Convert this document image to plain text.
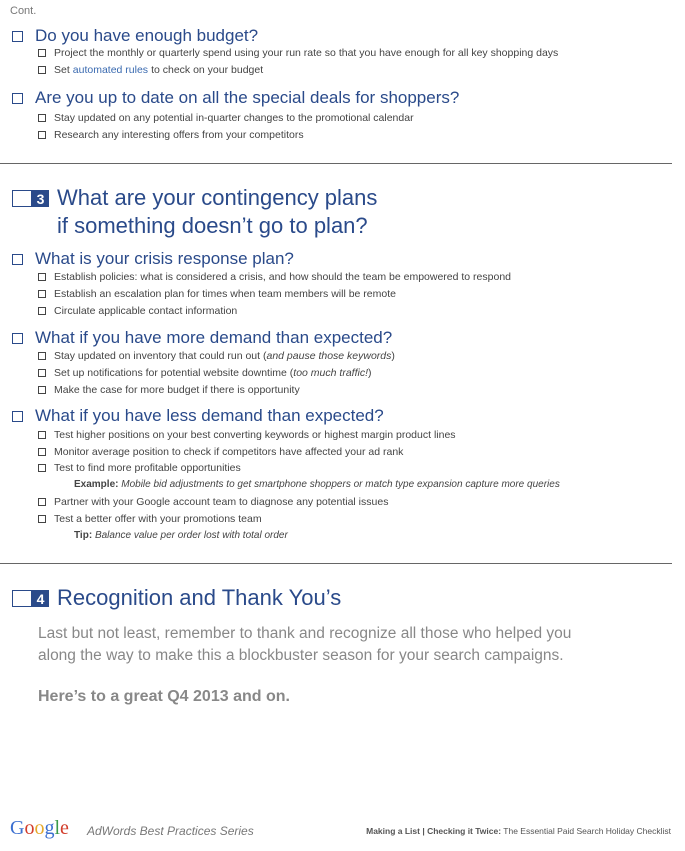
Cont.
Do you have enough budget?
Project the monthly or quarterly spend using your run rate so that you have enough for all key shopping days
Set automated rules to check on your budget
Are you up to date on all the special deals for shoppers?
Stay updated on any potential in-quarter changes to the promotional calendar
Research any interesting offers from your competitors
3 What are your contingency plans
if something doesn’t go to plan?
What is your crisis response plan?
Establish policies: what is considered a crisis, and how should the team be empowered to respond
Establish an escalation plan for times when team members will be remote
Circulate applicable contact information
What if you have more demand than expected?
Stay updated on inventory that could run out ( and pause those keywords )
Set up notifications for potential website downtime ( too much traffic! )
Make the case for more budget if there is opportunity
What if you have less demand than expected?
Test higher positions on your best converting keywords or highest margin product lines
Monitor average position to check if competitors have affected your ad rank
Test to find more profitable opportunities
Example: Mobile bid adjustments to get smartphone shoppers or match type expansion capture more queries
Partner with your Google account team to diagnose any potential issues
Test a better offer with your promotions team
Tip: Balance value per order lost with total order
4 Recognition and Thank You’s
Last but not least, remember to thank and recognize all those who helped you
along the way to make this a blockbuster season for your search campaigns.
Here’s to a great Q4 2013 and on.
Google AdWords Best Practices Series	Making a List | Checking it Twice: The Essential Paid Search Holiday Checklist
